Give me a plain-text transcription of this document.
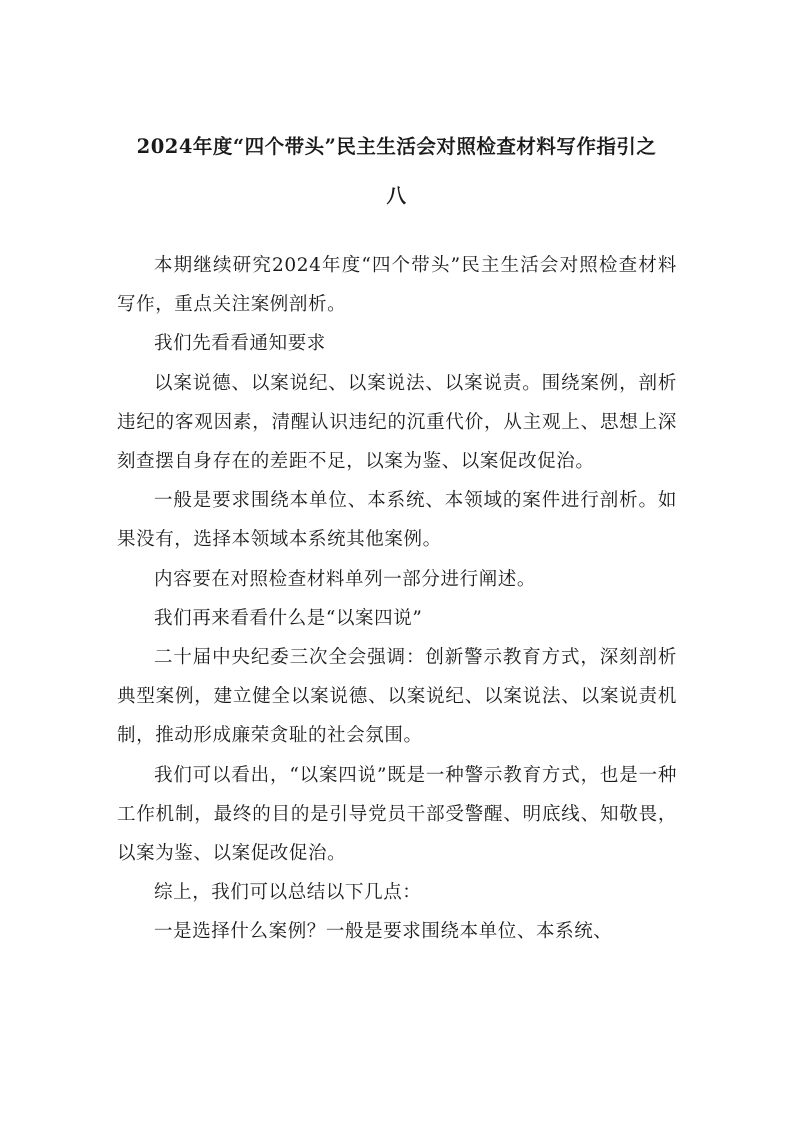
2024年度“四个带头”民主生活会对照检查材料写作指引之
八

本期继续研究2024年度“四个带头”民主生活会对照检查材料写作，重点关注案例剖析。

我们先看看通知要求

以案说德、以案说纪、以案说法、以案说责。围绕案例，剖析违纪的客观因素，清醒认识违纪的沉重代价，从主观上、思想上深刻查摆自身存在的差距不足，以案为鉴、以案促改促治。

一般是要求围绕本单位、本系统、本领域的案件进行剖析。如果没有，选择本领域本系统其他案例。

内容要在对照检查材料单列一部分进行阐述。

我们再来看看什么是“以案四说”

二十届中央纪委三次全会强调：创新警示教育方式，深刻剖析典型案例，建立健全以案说德、以案说纪、以案说法、以案说责机制，推动形成廉荣贪耻的社会氛围。

我们可以看出，“以案四说”既是一种警示教育方式，也是一种工作机制，最终的目的是引导党员干部受警醒、明底线、知敬畏，以案为鉴、以案促改促治。

综上，我们可以总结以下几点：

一是选择什么案例？一般是要求围绕本单位、本系统、
